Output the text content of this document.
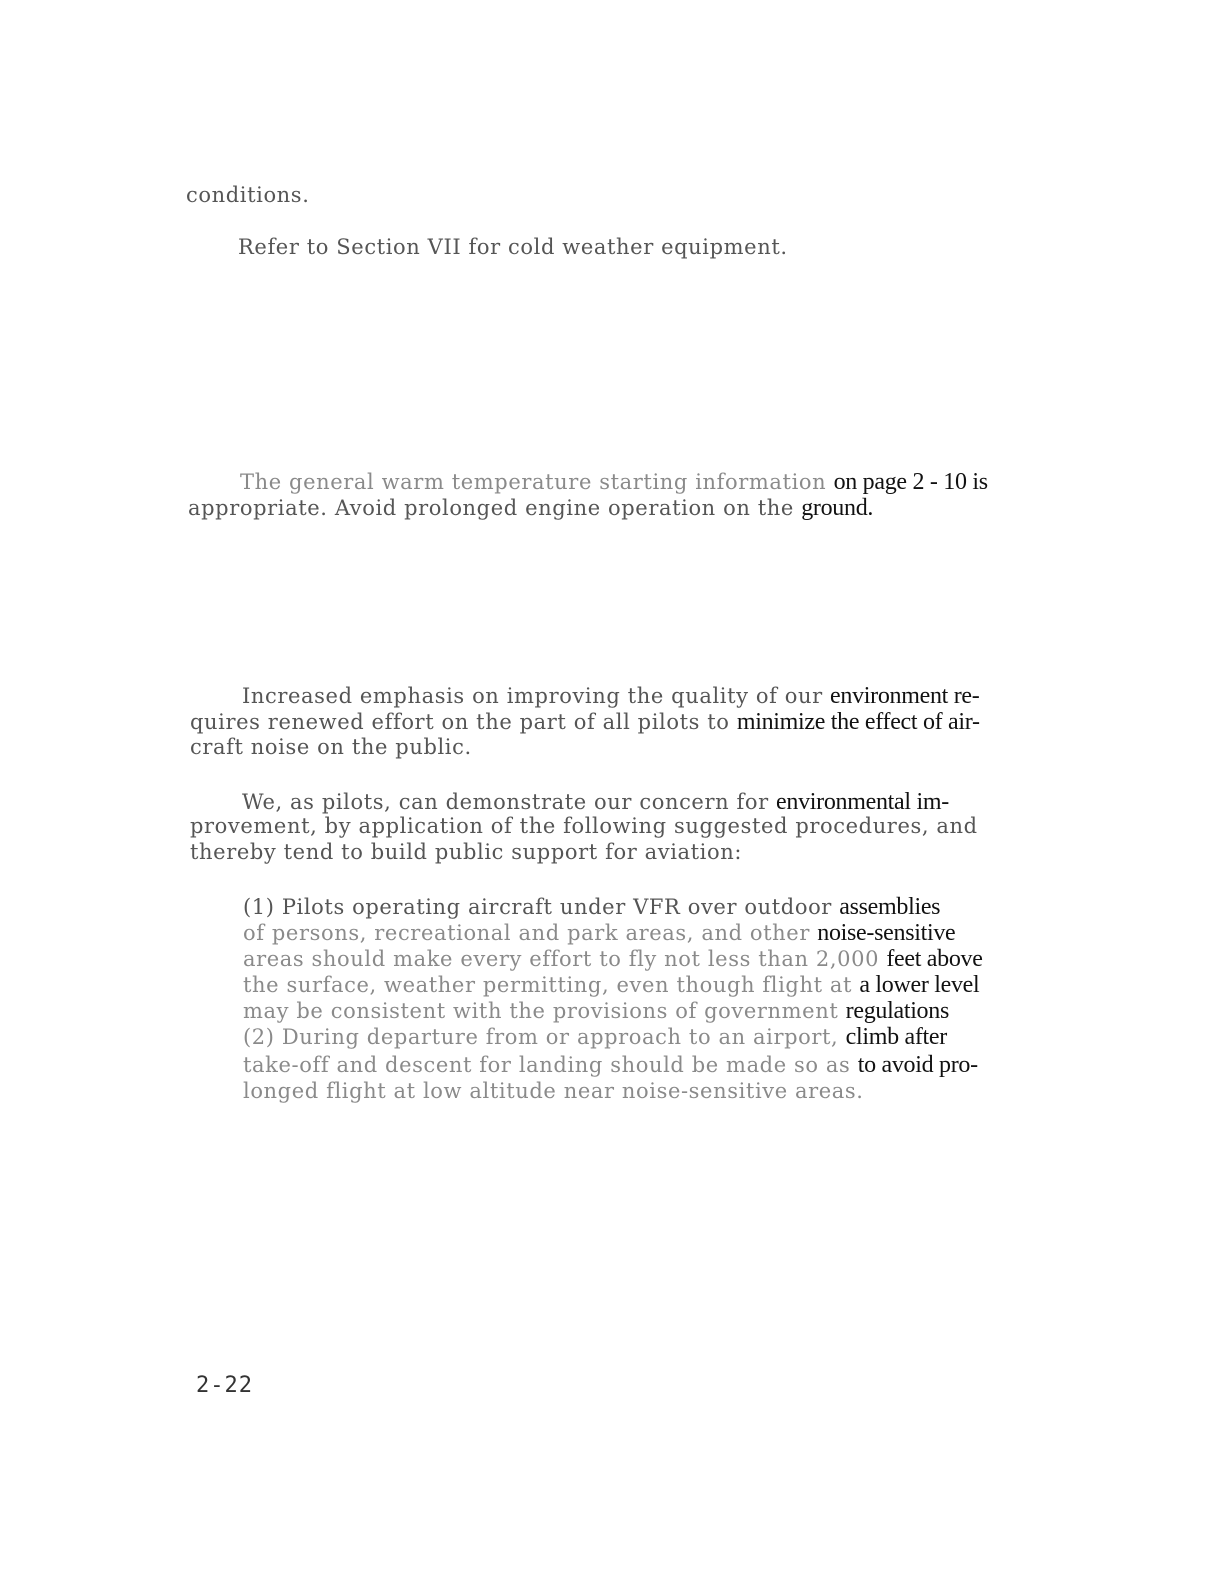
conditions.
Refer to Section VII for cold weather equipment.
The general warm temperature starting information on page 2 - 10 is
appropriate. Avoid prolonged engine operation on the ground.
Increased emphasis on improving the quality of our environment re-
quires renewed effort on the part of all pilots to minimize the effect of air-
craft noise on the public.
We, as pilots, can demonstrate our concern for environmental im-
provement, by application of the following suggested procedures, and
thereby tend to build public support for aviation:
(1) Pilots operating aircraft under VFR over outdoor assemblies
of persons, recreational and park areas, and other noise-sensitive
areas should make every effort to fly not less than 2,000 feet above
the surface, weather permitting, even though flight at a lower level
may be consistent with the provisions of government regulations
(2) During departure from or approach to an airport, climb after
take-off and descent for landing should be made so as to avoid pro-
longed flight at low altitude near noise-sensitive areas.
2-22
